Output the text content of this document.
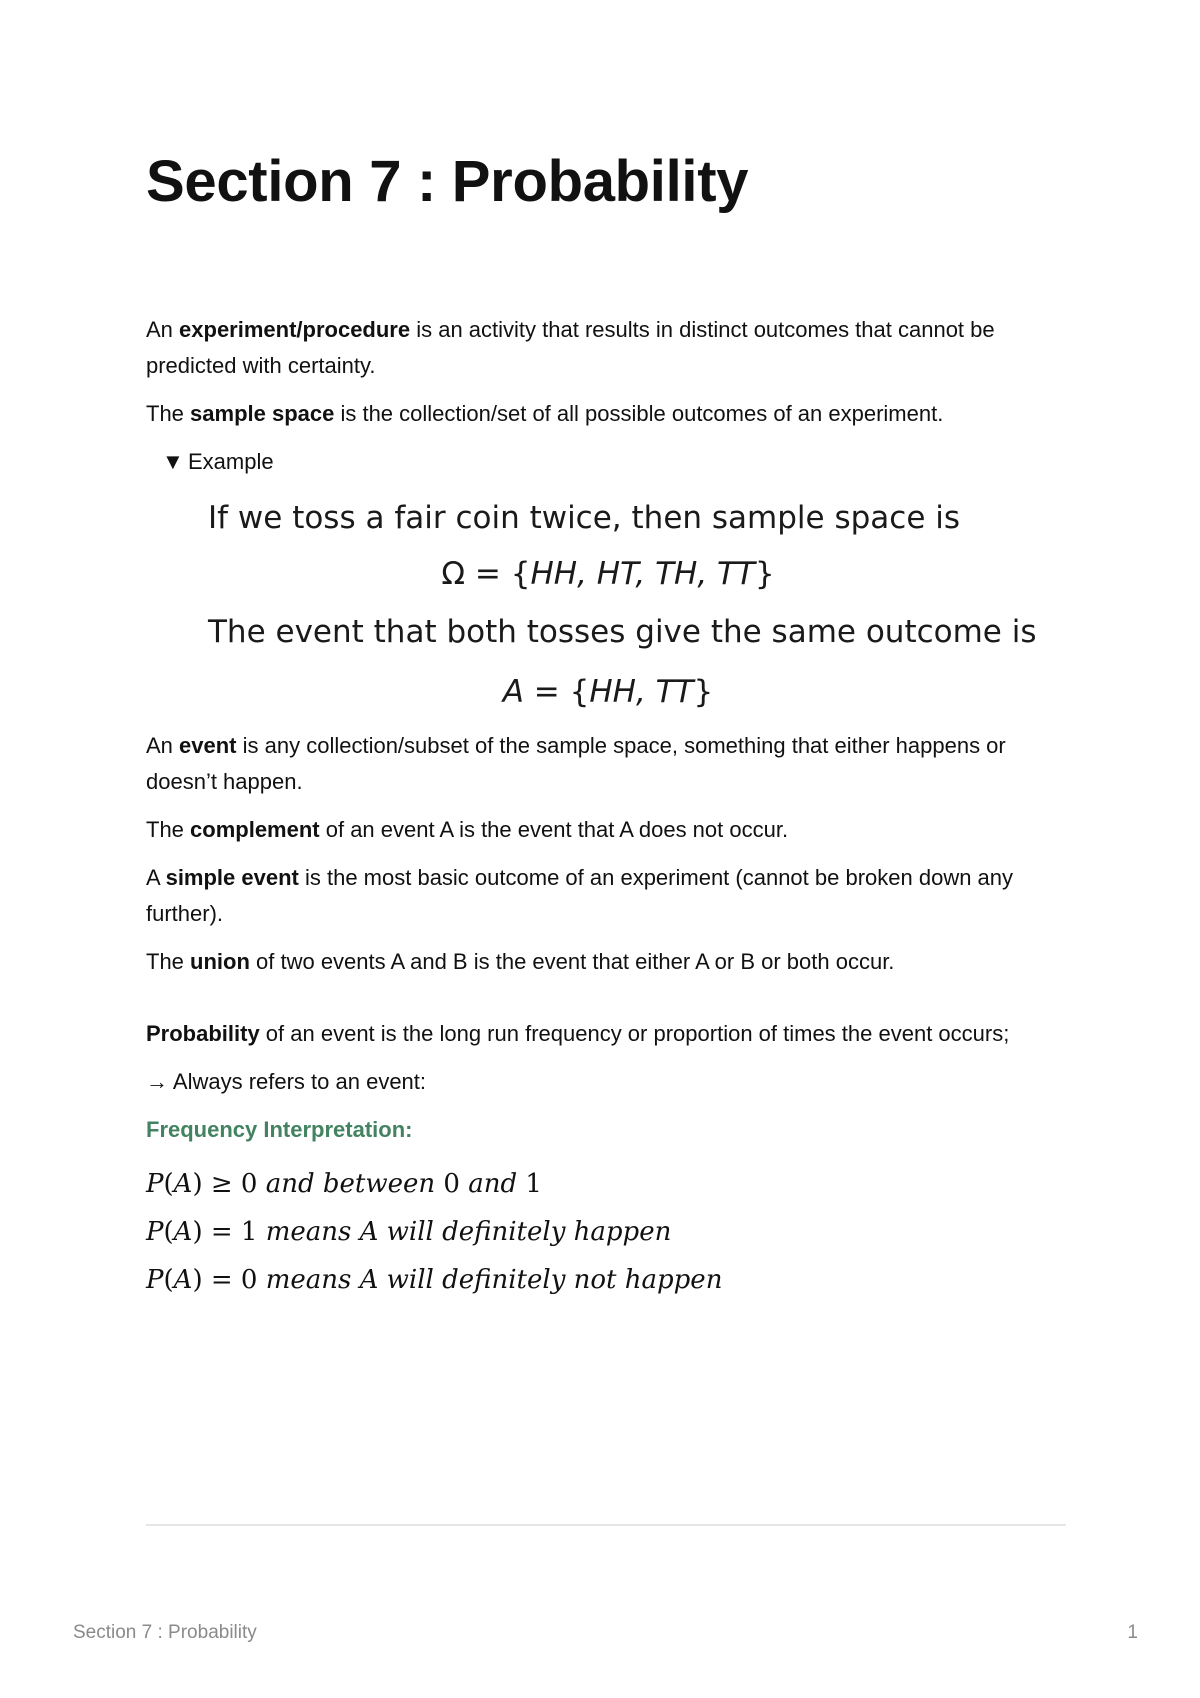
Section 7 : Probability

An experiment/procedure is an activity that results in distinct outcomes that cannot be predicted with certainty.

The sample space is the collection/set of all possible outcomes of an experiment.

▼ Example
If we toss a fair coin twice, then sample space is
Ω = {HH, HT, TH, TT}
The event that both tosses give the same outcome is
A = {HH, TT}

An event is any collection/subset of the sample space, something that either happens or doesn’t happen.

The complement of an event A is the event that A does not occur.

A simple event is the most basic outcome of an experiment (cannot be broken down any further).

The union of two events A and B is the event that either A or B or both occur.

Probability of an event is the long run frequency or proportion of times the event occurs;

→ Always refers to an event:

Frequency Interpretation:

P(A) ≥ 0 and between 0 and 1

P(A) = 1 means A will definitely happen

P(A) = 0 means A will definitely not happen

Section 7 : Probability	1
